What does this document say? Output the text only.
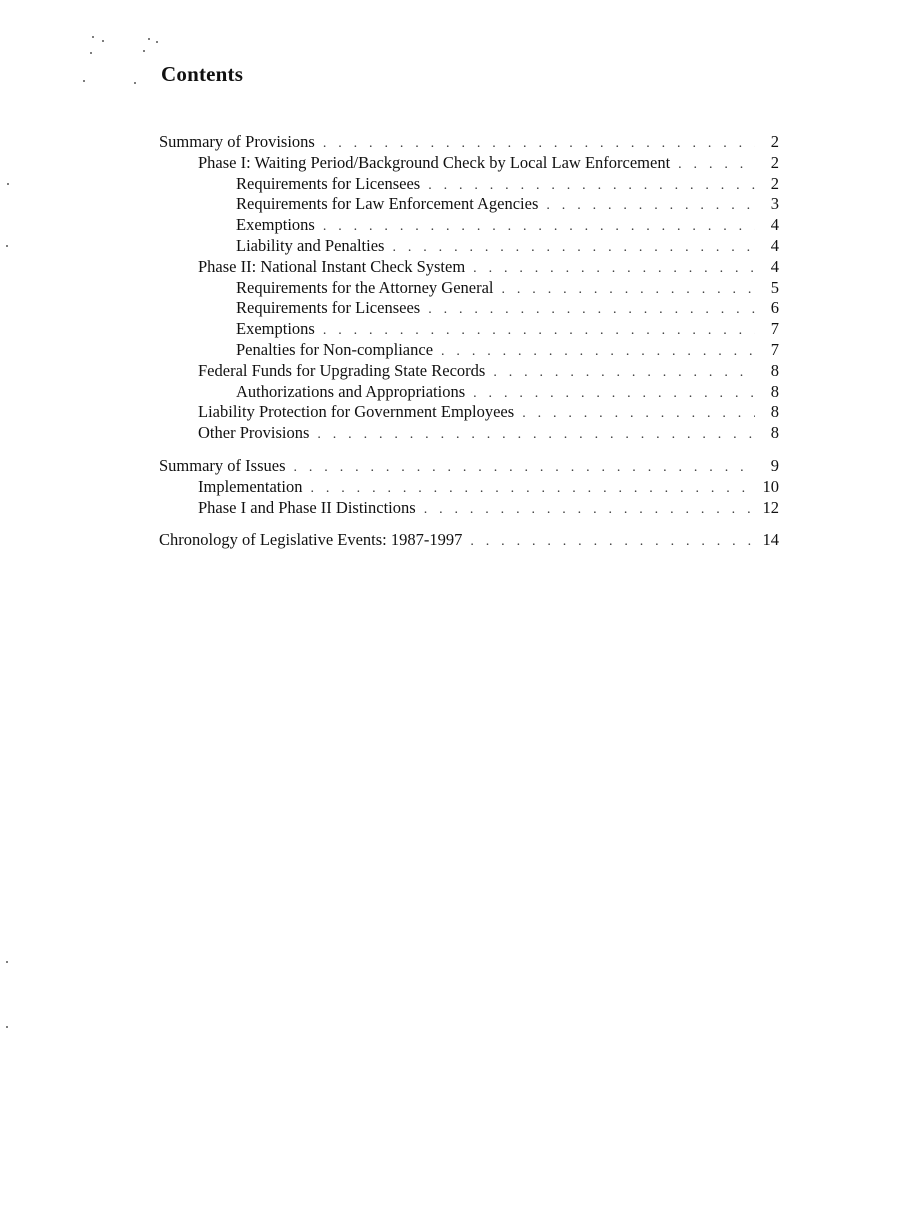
Contents
Summary of Provisions . . .	2
Phase I: Waiting Period/Background Check by Local Law Enforcement . . .	2
Requirements for Licensees . . .	2
Requirements for Law Enforcement Agencies . . .	3
Exemptions . . .	4
Liability and Penalties . . .	4
Phase II: National Instant Check System . . .	4
Requirements for the Attorney General . . .	5
Requirements for Licensees . . .	6
Exemptions . . .	7
Penalties for Non-compliance . . .	7
Federal Funds for Upgrading State Records . . .	8
Authorizations and Appropriations . . .	8
Liability Protection for Government Employees . . .	8
Other Provisions . . .	8
Summary of Issues . . .	9
Implementation . . .	10
Phase I and Phase II Distinctions . . .	12
Chronology of Legislative Events: 1987-1997 . . .	14
